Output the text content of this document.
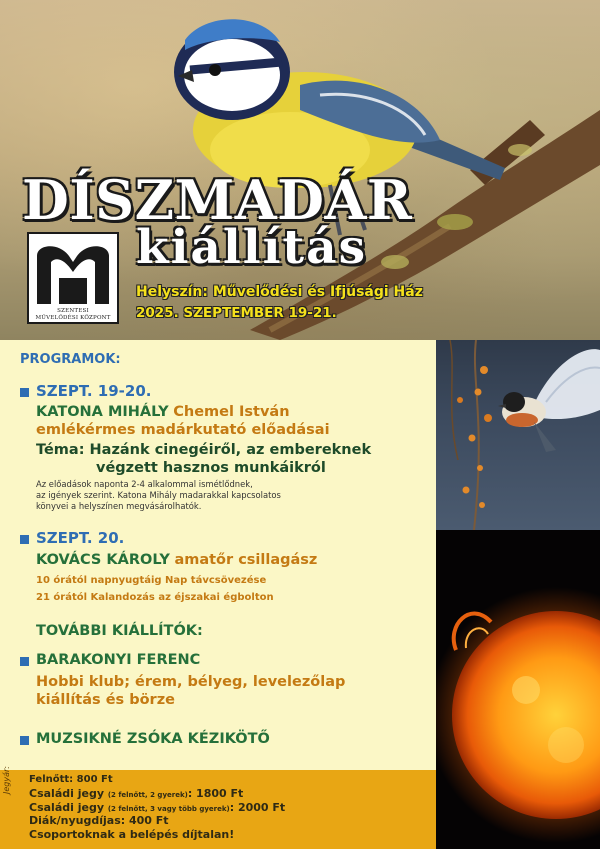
DÍSZMADÁR
kiállítás
SZENTESI
MŰVELŐDÉSI KÖZPONT
Helyszín: Művelődési és Ifjúsági Ház
2025. SZEPTEMBER 19-21.
PROGRAMOK:
SZEPT. 19-20.
KATONA MIHÁLY Chemel István
emlékérmes madárkutató előadásai
Téma: Hazánk cinegéiről, az embereknek
végzett hasznos munkáikról
Az előadások naponta 2-4 alkalommal ismétlődnek,
az igények szerint. Katona Mihály madarakkal kapcsolatos
könyvei a helyszínen megvásárolhatók.
SZEPT. 20.
KOVÁCS KÁROLY amatőr csillagász
10 órától napnyugtáig Nap távcsövezése
21 órától Kalandozás az éjszakai égbolton
TOVÁBBI KIÁLLÍTÓK:
BARAKONYI FERENC
Hobbi klub; érem, bélyeg, levelezőlap
kiállítás és börze
MUZSIKNÉ ZSÓKA KÉZIKÖTŐ
Jegyár: Felnőtt: 800 Ft
Családi jegy (2 felnőtt, 2 gyerek): 1800 Ft
Családi jegy (2 felnőtt, 3 vagy több gyerek): 2000 Ft
Diák/nyugdíjas: 400 Ft
Csoportoknak a belépés díjtalan!
